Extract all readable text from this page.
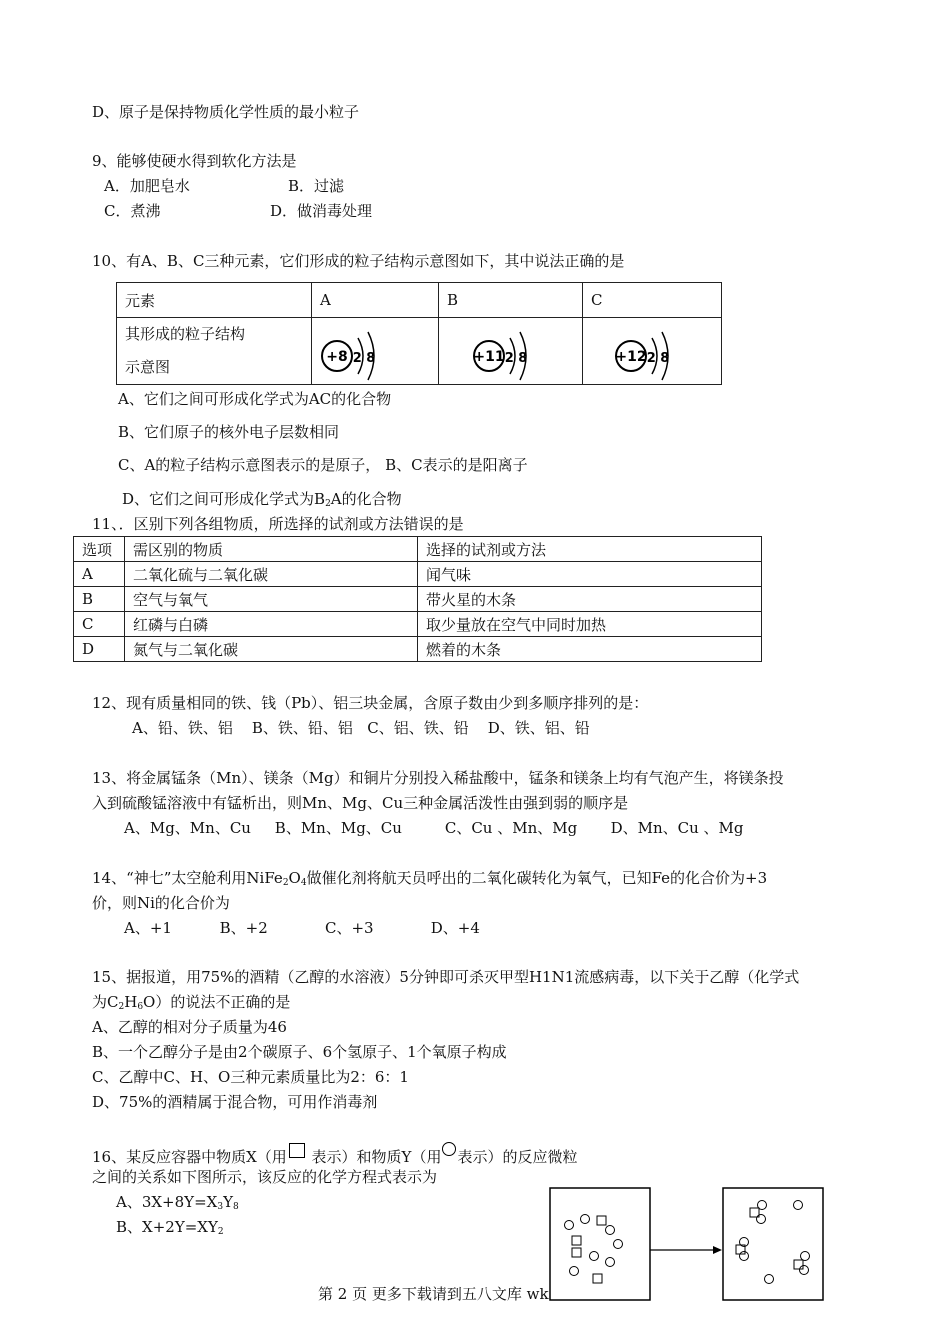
D、原子是保持物质化学性质的最小粒子
9、能够使硬水得到软化方法是
A．加肥皂水	B．过滤
C．煮沸	D．做消毒处理
10、有A、B、C三种元素，它们形成的粒子结构示意图如下，其中说法正确的是
元素	A	B	C

其形成的粒子结构
示意图			

+8 2 8	+11 2 8	+12 2 8
A、它们之间可形成化学式为AC的化合物
B、它们原子的核外电子层数相同
C、A的粒子结构示意图表示的是原子， B、C表示的是阳离子
D、它们之间可形成化学式为$B_2A$的化合物
11、．区别下列各组物质，所选择的试剂或方法错误的是
选项	需区别的物质	选择的试剂或方法
A	二氧化硫与二氧化碳	闻气味
B	空气与氧气	带火星的木条
C	红磷与白磷	取少量放在空气中同时加热
D	氮气与二氧化碳	燃着的木条
12、现有质量相同的铁、钱（Pb）、铝三块金属，含原子数由少到多顺序排列的是：
A、铅、铁、铝    B、铁、铅、铝   C、铝、铁、铅    D、铁、铝、铅
13、将金属锰条（Mn）、镁条（Mg）和铜片分别投入稀盐酸中，锰条和镁条上均有气泡产生，将镁条投
入到硫酸锰溶液中有锰析出，则Mn、Mg、Cu三种金属活泼性由强到弱的顺序是
A、Mg、Mn、Cu     B、Mn、Mg、Cu         C、Cu 、Mn、Mg       D、Mn、Cu 、Mg
14、“神七”太空舱利用$NiFe_2O_4$做催化剂将航天员呼出的二氧化碳转化为氧气，已知Fe的化合价为+3
价，则Ni的化合价为
A、+1          B、+2            C、+3            D、+4
15、据报道，用75%的酒精（乙醇的水溶液）5分钟即可杀灭甲型H1N1流感病毒，以下关于乙醇（化学式
为$C_2H_6O$）的说法不正确的是
A、乙醇的相对分子质量为46
B、一个乙醇分子是由2个碳原子、6个氢原子、1个氧原子构成
C、乙醇中C、H、O三种元素质量比为2：6：1
D、75%的酒精属于混合物，可用作消毒剂
16、某反应容器中物质X（用 表示）和物质Y（用 表示）的反应微粒
之间的关系如下图所示，该反应的化学方程式表示为
A、$3X+8Y=X_3Y_8$
B、$X+2Y=XY_2$
第 2 页 更多下载请到五八文库 wk
